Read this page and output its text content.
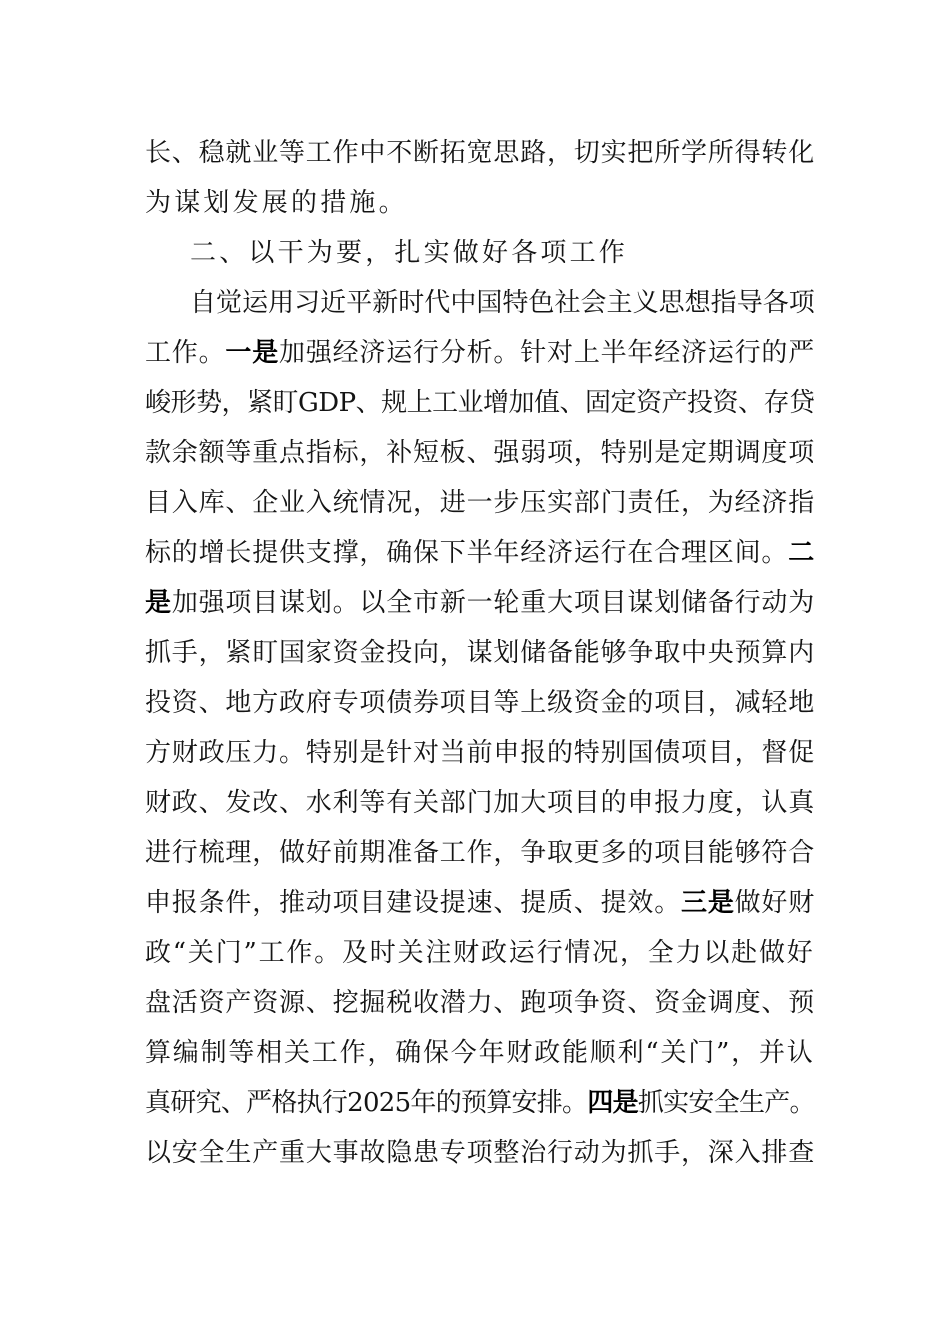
长、稳就业等工作中不断拓宽思路，切实把所学所得转化
为谋划发展的措施。
二、以干为要，扎实做好各项工作
自觉运用习近平新时代中国特色社会主义思想指导各项
工作。一是加强经济运行分析。针对上半年经济运行的严
峻形势，紧盯GDP、规上工业增加值、固定资产投资、存贷
款余额等重点指标，补短板、强弱项，特别是定期调度项
目入库、企业入统情况，进一步压实部门责任，为经济指
标的增长提供支撑，确保下半年经济运行在合理区间。二
是加强项目谋划。以全市新一轮重大项目谋划储备行动为
抓手，紧盯国家资金投向，谋划储备能够争取中央预算内
投资、地方政府专项债券项目等上级资金的项目，减轻地
方财政压力。特别是针对当前申报的特别国债项目，督促
财政、发改、水利等有关部门加大项目的申报力度，认真
进行梳理，做好前期准备工作，争取更多的项目能够符合
申报条件，推动项目建设提速、提质、提效。三是做好财
政“关门”工作。及时关注财政运行情况，全力以赴做好
盘活资产资源、挖掘税收潜力、跑项争资、资金调度、预
算编制等相关工作，确保今年财政能顺利“关门”，并认
真研究、严格执行2025年的预算安排。四是抓实安全生产。
以安全生产重大事故隐患专项整治行动为抓手，深入排查
